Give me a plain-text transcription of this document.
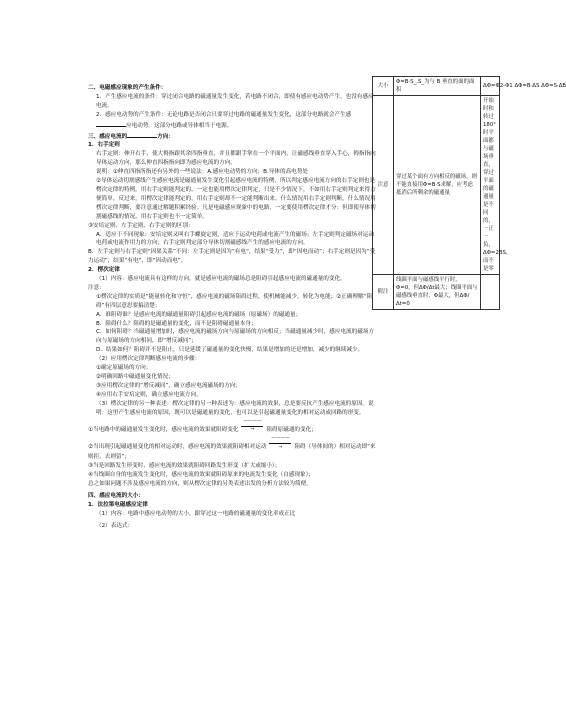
大小	Φ=B·S_,S_为与 B 垂直的面的面积	ΔΦ=Φ2-Φ1 ΔΦ=B·ΔS ΔΦ=S·ΔB
注意	穿过某个面有方向相反的磁场，则不能直接用Φ=B·S求解，应考虑抵消后所剩余的磁通量	开始时和转过180°时平面都与磁场垂直，穿过平面的磁通量是不同的，一正一负，ΔΦ=2BS，而不是零
附注	线圈平面与磁感线平行时，Φ=0，但ΔΦ/Δt最大；线圈平面与磁感线垂直时，Φ最大，但ΔΦ/Δt=0	

二、电磁感应现象的产生条件：

1．产生感应电流的条件：穿过闭合电路的磁通量发生变化，若电路不闭合，即使有感应电动势产生，也没有感应电流。

2．感应电动势的产生条件：无论电路是否闭合只要穿过电路的磁通量发生变化，这部分电路就会产生感应电动势。这部分电路或导体相当于电源。

三、感应电流的	方向：

1．右手定则

右手定则：伸开右手，使大拇指跟其余四指垂直，并且都跟手掌在一个平面内，让磁感线垂直穿入手心，拇指指向导体运动方向，那么伸直四指指向即为感应电流的方向。

说明：①伸直四指所指还有另外的一些说法：A.感应电动势的方向；B.导体的高电势处

②导体运动切割感线产生感应电流是磁通量发生变化引起感应电流的特例，所以判定感应电流方向的右手定则也是楞次定律的特例。用右手定则能判定的，一定也能用楞次定律判定，只是不少情况下，不如用右手定则判定来得方便简单。反过来，用楞次定律能判定的，用右手定则却不一定能判断出来。什么情况用右手定则判断，什么情况用楞次定律判断，要注意通过解题积累经验。凡是电磁感应现象中的电路，一定要使用楞次定律才分：但即使导体切割磁感线的情况，用右手定则也不一定简单。

③安培定则、左手定则、右手定则的区别：

A．适应于不同现象：安培定则又叫右手螺旋定则，适应于运动电荷或电流产生的磁场；左手定则判定磁场对运动电荷或电流作用力的方向；右手定则判定部分导体切割磁感线产生的感应电流的方向。

B．左手定则与右手定则“因果关系”不同：左手定则是因为“有电”，结果“受力”，即“因电而动”；右手定则是因为“受力运动”，结果“有电”，即“因动而电”。

2．楞次定律

（1）内容：感应电流具有这样的方向，就是感应电流的磁场总是阻碍引起感应电流的磁通量的变化。

注意：

①楞次定律的实质是“能量转化和守恒”，感应电流的磁场阻碍过程，使机械能减少，转化为电能；②正确理解“阻碍”有四层意思要搞清楚：

A．谁阻碍谁？是感应电流的磁通量阻碍引起感应电流的磁场（原磁场）的磁通量；

B．阻碍什么？阻碍的是磁通量的变化，而不是阻碍磁通量本身；

C．如何阻碍？当磁通量增加时，感应电流的磁场方向与原磁场的方向相反；当磁通量减少时，感应电流的磁场方向与原磁场的方向相同，即“增反减同”；

D．结果如何？阻碍并不是阻止，只是延缓了磁通量的变化快慢，结果是增加的还是增加，减少的继续减少。

（2）应用楞次定律判断感应电流的步骤：

①确定原磁场的方向；

②明确回路中磁通量变化情况；

③应用楞次定律的“增反减同”，确立感应电流磁场的方向；

④应用右手安培定则，确立感应电流方向。

（3）楞次定律的另一种表述：楞次定律的另一种表述为：感应电流的效果，总是要反抗产生感应电流的原因。说明：这里产生感应电流的原因，既可以是磁通量的变化，也可以是引起磁通量变化的相对运动或回路的形变。

①当电路中的磁通量发生变化时，感应电流的效果就阻碍变化————→ 阻碍原磁通的变化；

②当出现引起磁通量变化的相对运动时，感应电流的效果就阻碍相对运动————→ 阻碍（导体间的）相对运动即“来则拒，去则留”；

③当是回路发生形变时，感应电流的效果就阻碍回路发生形变（扩大或缩小）；

④当线圈自身的电流发生变化时，感应电流的效果就阻碍原来的电流发生变化（自感现象）；

总之如果问题不涉及感应电流的方向，则从楞次定律的另类表述出发的分析方法较为简便。

四、感应电流的大小：

1．法拉第电磁感应定律

（1）内容：电路中感应电动势的大小，跟穿过这一电路的磁通量的变化率成正比

（2）表达式：
